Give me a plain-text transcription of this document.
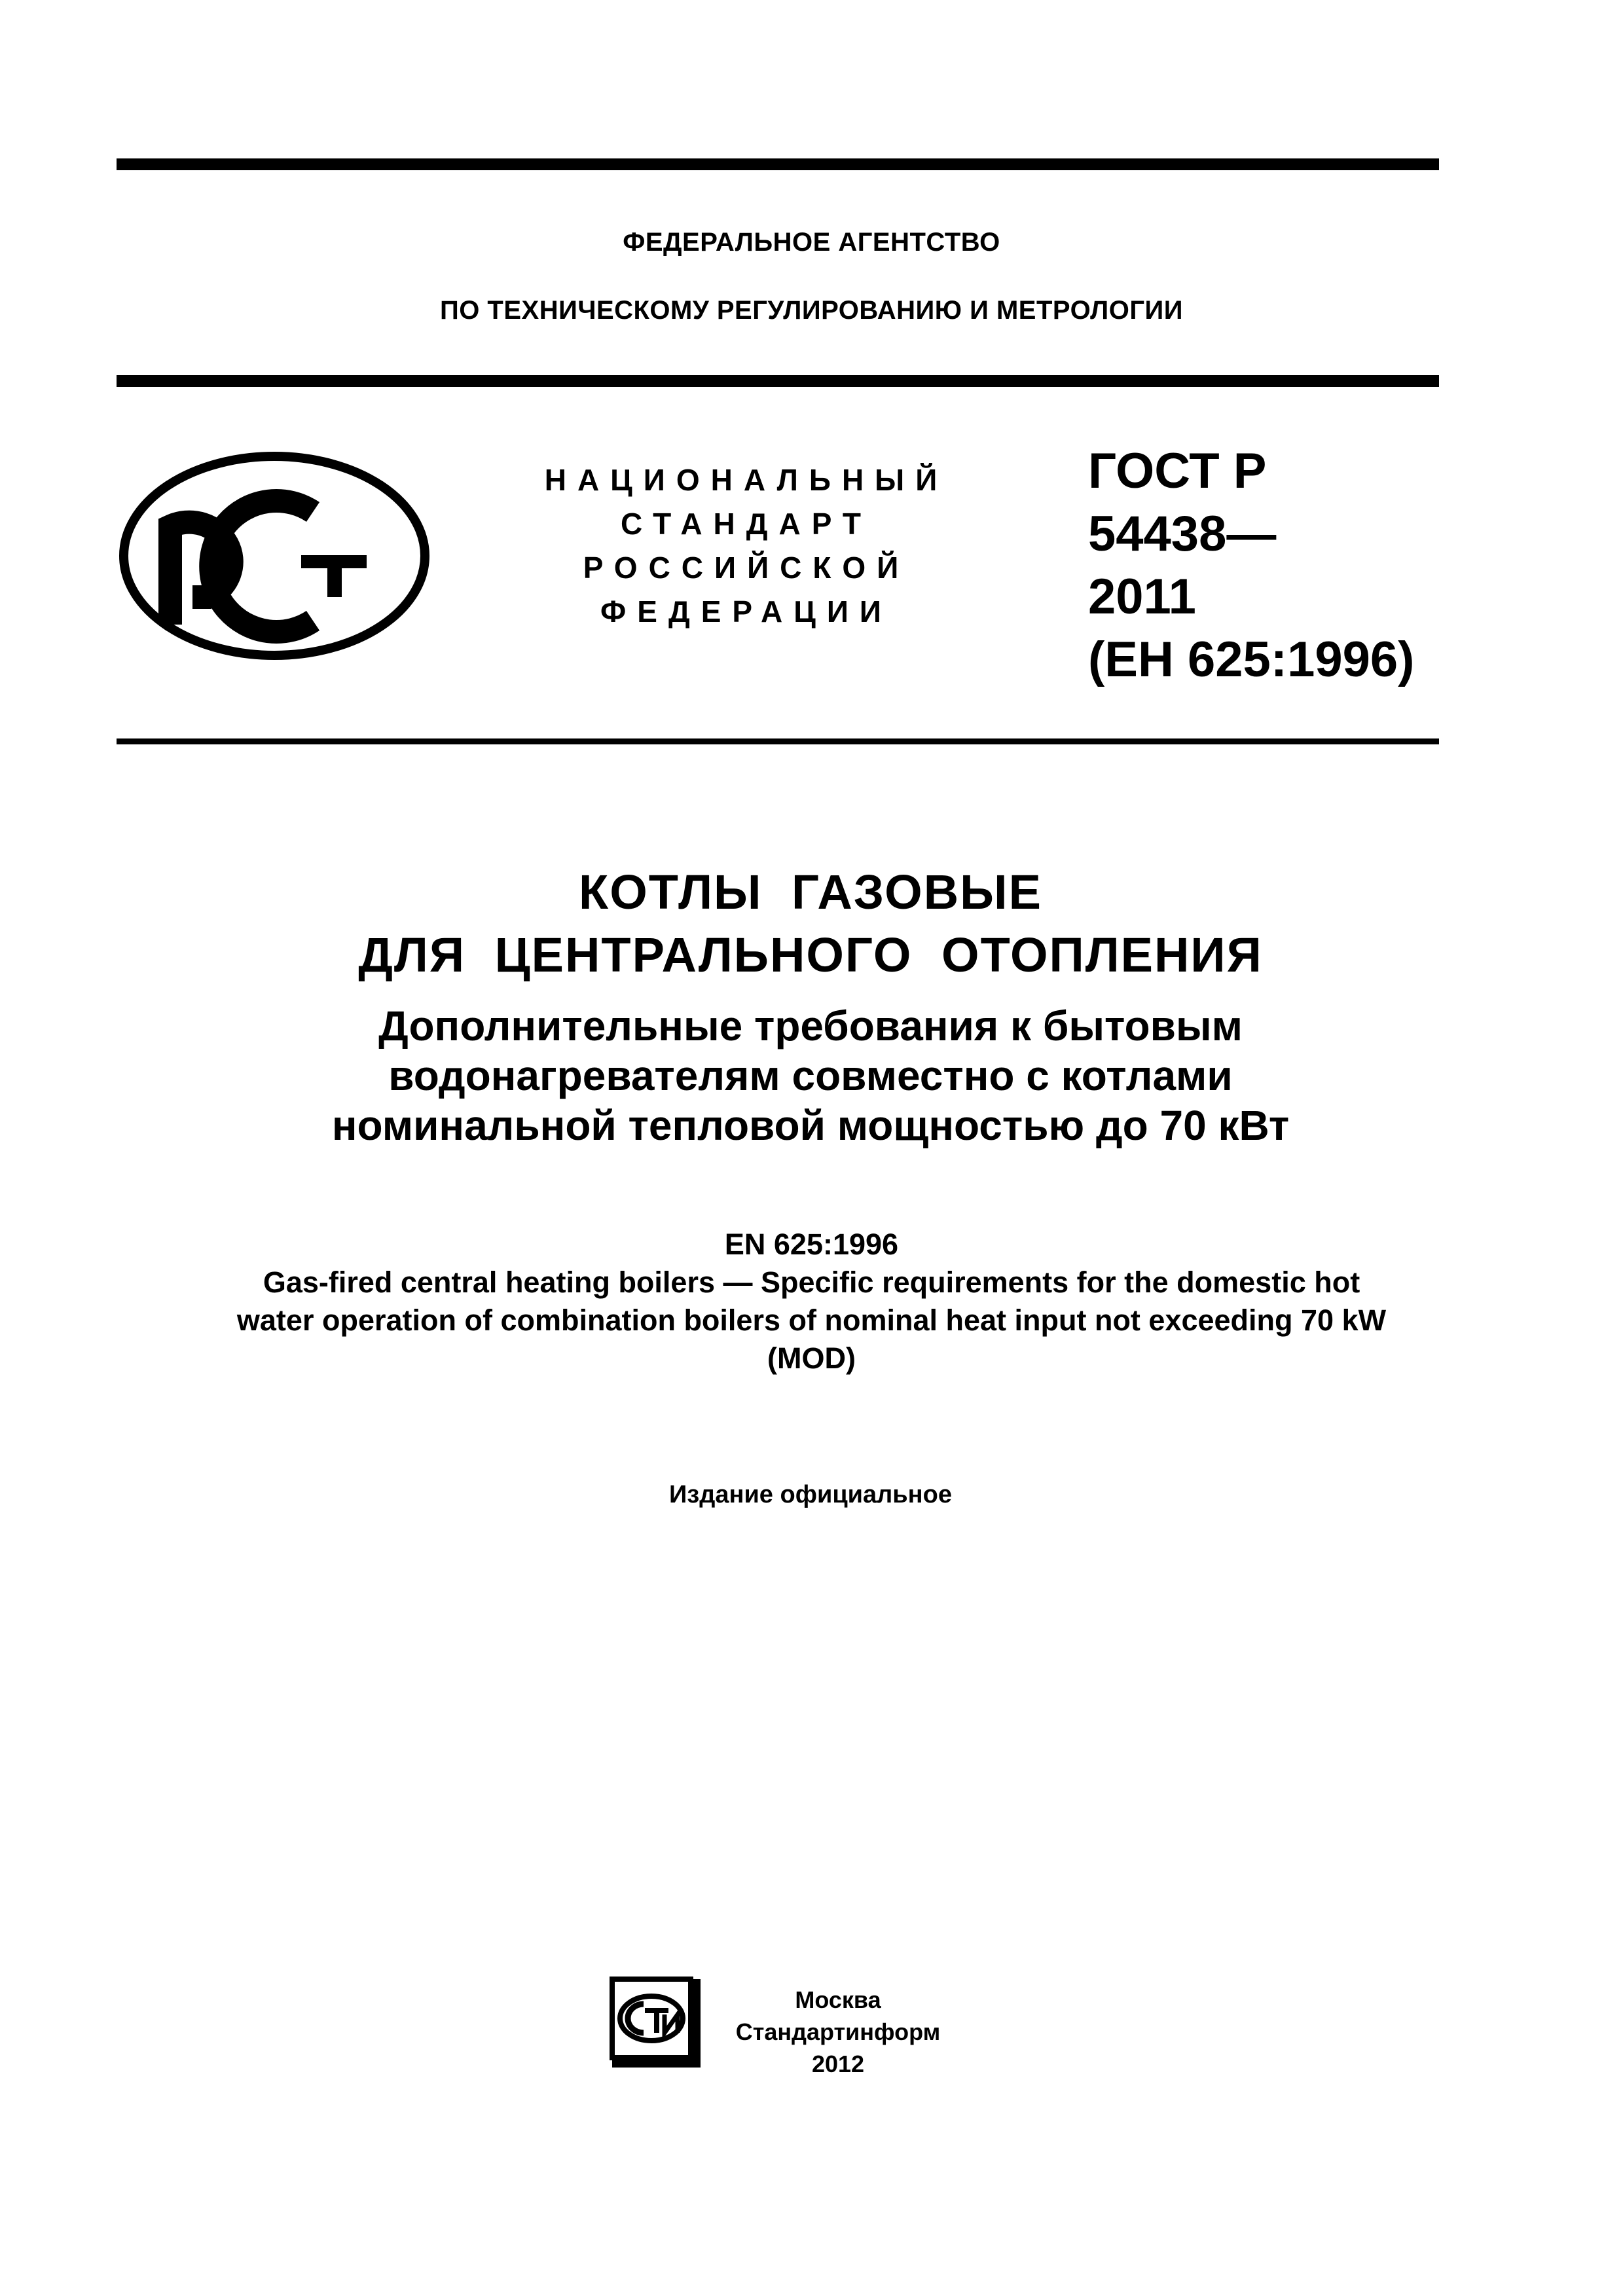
ФЕДЕРАЛЬНОЕ АГЕНТСТВО
ПО ТЕХНИЧЕСКОМУ РЕГУЛИРОВАНИЮ И МЕТРОЛОГИИ
НАЦИОНАЛЬНЫЙ
СТАНДАРТ
РОССИЙСКОЙ
ФЕДЕРАЦИИ
ГОСТ Р
54438—
2011
(ЕН 625:1996)
КОТЛЫ ГАЗОВЫЕ
ДЛЯ ЦЕНТРАЛЬНОГО ОТОПЛЕНИЯ
Дополнительные требования к бытовым
водонагревателям совместно с котлами
номинальной тепловой мощностью до 70 кВт
EN 625:1996
Gas-fired central heating boilers — Specific requirements for the domestic hot
water operation of combination boilers of nominal heat input not exceeding 70 kW
(MOD)
Издание официальное
Москва
Стандартинформ
2012
